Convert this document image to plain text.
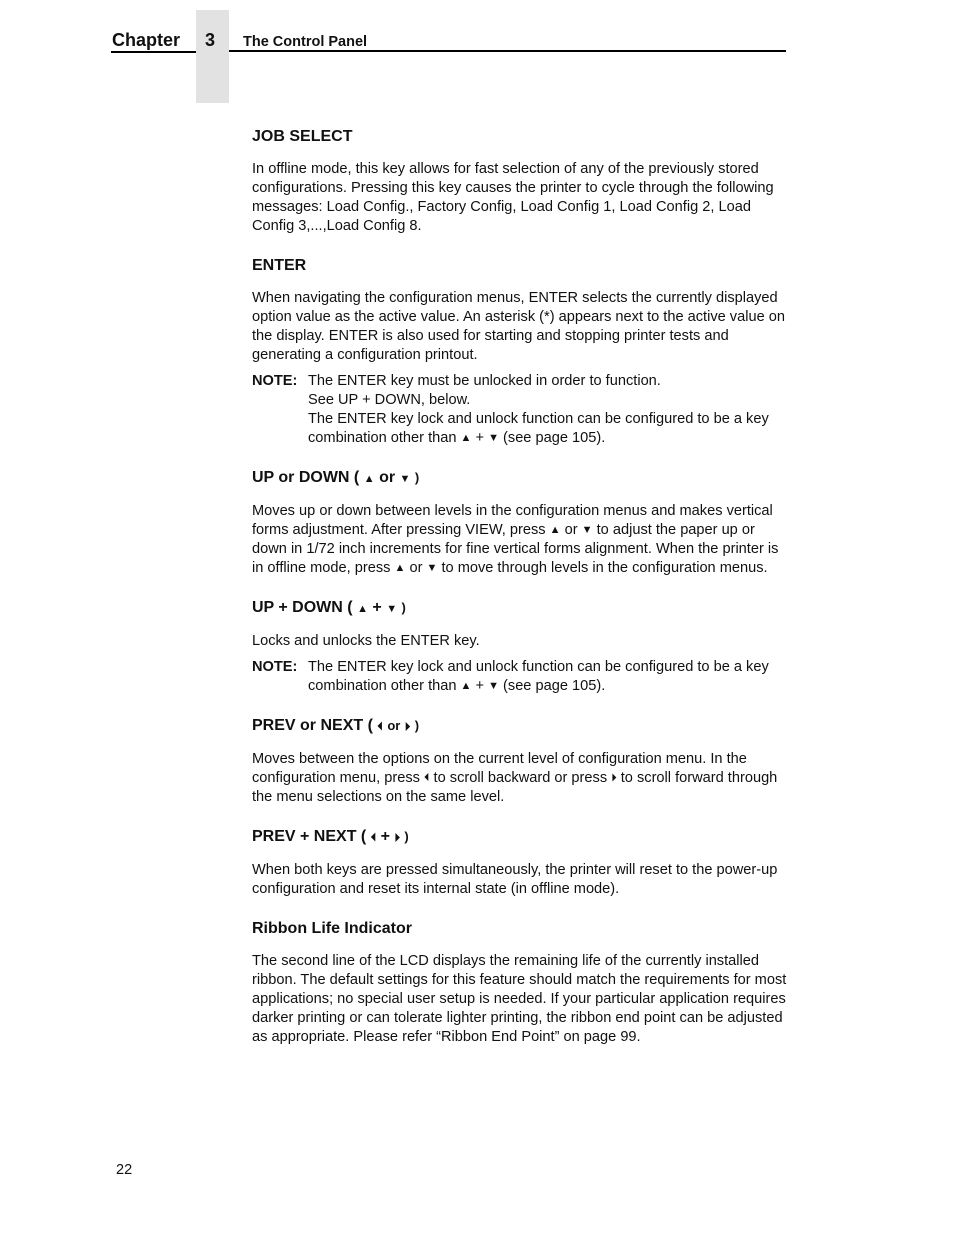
Chapter 3 The Control Panel
JOB SELECT

In offline mode, this key allows for fast selection of any of the previously stored configurations. Pressing this key causes the printer to cycle through the following messages: Load Config., Factory Config, Load Config 1, Load Config 2, Load Config 3,...,Load Config 8.

ENTER

When navigating the configuration menus, ENTER selects the currently displayed option value as the active value. An asterisk (*) appears next to the active value on the display. ENTER is also used for starting and stopping printer tests and generating a configuration printout.

NOTE: The ENTER key must be unlocked in order to function.
See UP + DOWN, below.
The ENTER key lock and unlock function can be configured to be a key combination other than ▲ + ▼ (see page 105).
UP or DOWN ( ▲ or ▼ )

Moves up or down between levels in the configuration menus and makes vertical forms adjustment. After pressing VIEW, press ▲ or ▼ to adjust the paper up or down in 1/72 inch increments for fine vertical forms alignment. When the printer is in offline mode, press ▲ or ▼ to move through levels in the configuration menus.

UP + DOWN ( ▲ + ▼ )

Locks and unlocks the ENTER key.

NOTE: The ENTER key lock and unlock function can be configured to be a key combination other than ▲ + ▼ (see page 105).
PREV or NEXT ( ⏴ or ⏵ )

Moves between the options on the current level of configuration menu. In the configuration menu, press ⏴ to scroll backward or press ⏵ to scroll forward through the menu selections on the same level.

PREV + NEXT ( ⏴ + ⏵ )

When both keys are pressed simultaneously, the printer will reset to the power-up configuration and reset its internal state (in offline mode).

Ribbon Life Indicator

The second line of the LCD displays the remaining life of the currently installed ribbon. The default settings for this feature should match the requirements for most applications; no special user setup is needed. If your particular application requires darker printing or can tolerate lighter printing, the ribbon end point can be adjusted as appropriate. Please refer “Ribbon End Point” on page 99.

22
